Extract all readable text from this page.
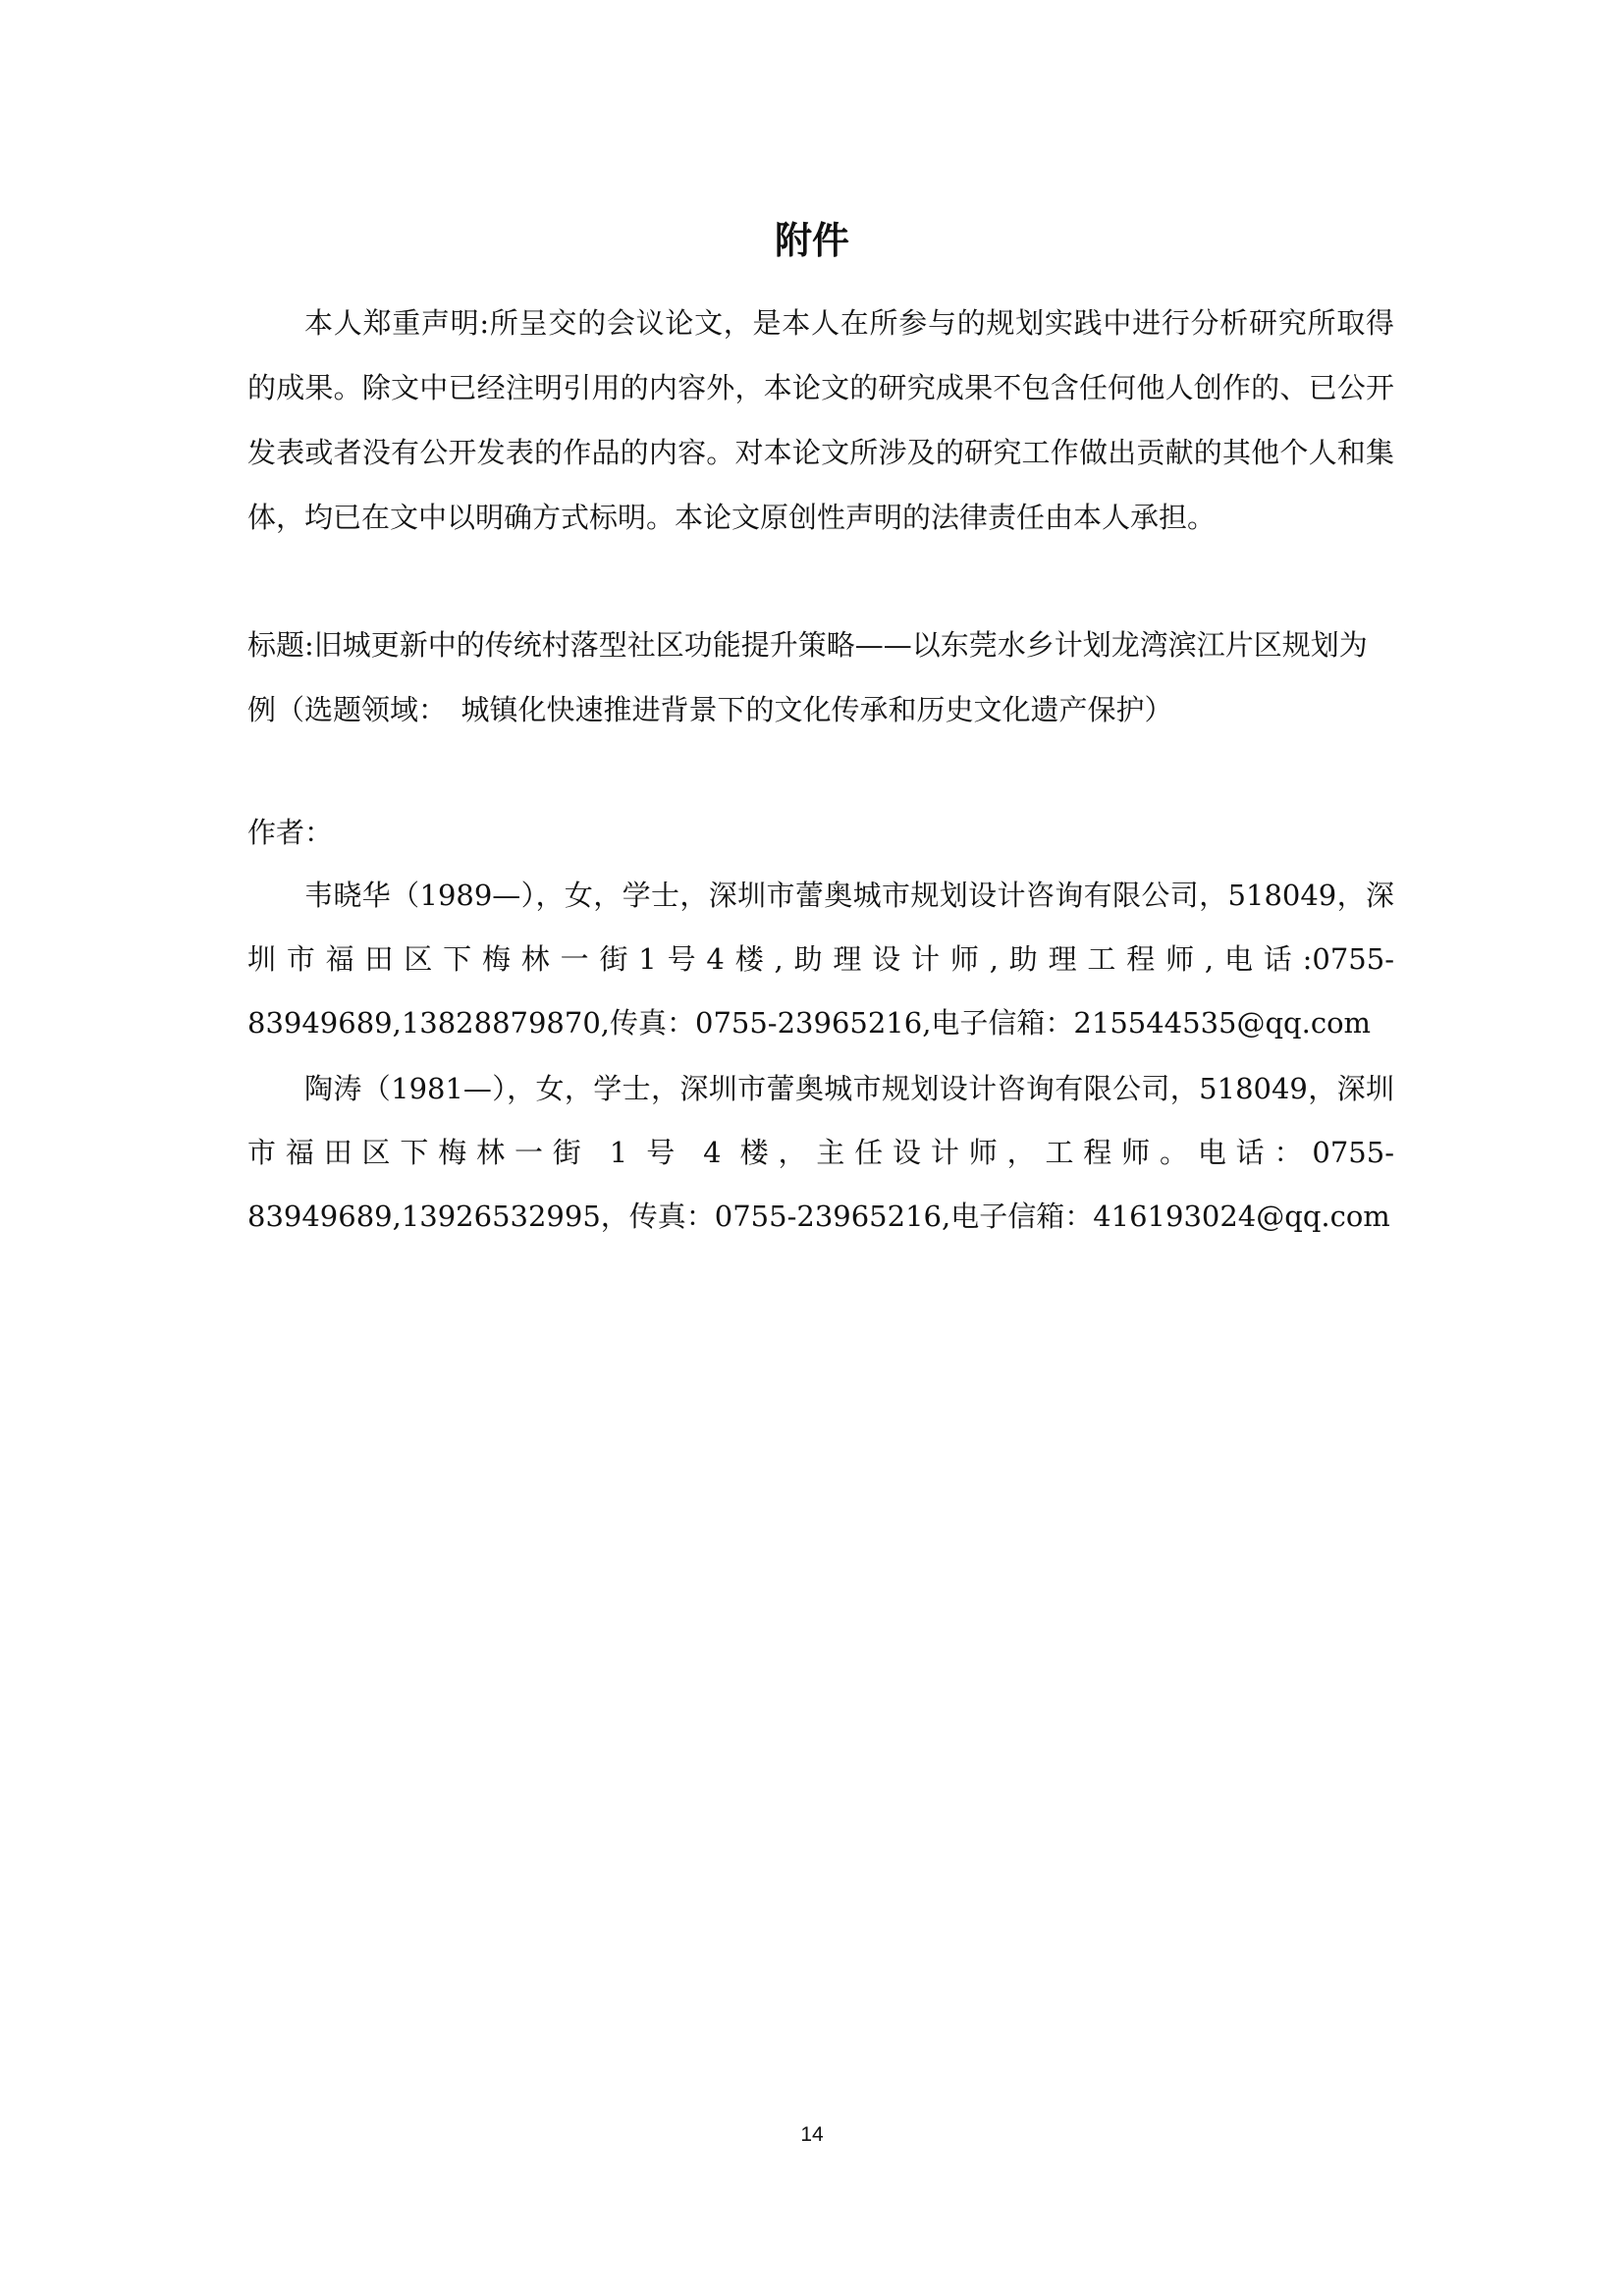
附件

本人郑重声明:所呈交的会议论文，是本人在所参与的规划实践中进行分析研究所取得的成果。除文中已经注明引用的内容外，本论文的研究成果不包含任何他人创作的、已公开发表或者没有公开发表的作品的内容。对本论文所涉及的研究工作做出贡献的其他个人和集体，均已在文中以明确方式标明。本论文原创性声明的法律责任由本人承担。

标题:旧城更新中的传统村落型社区功能提升策略——以东莞水乡计划龙湾滨江片区规划为例（选题领域：　城镇化快速推进背景下的文化传承和历史文化遗产保护）

作者：

韦晓华（1989—），女，学士，深圳市蕾奥城市规划设计咨询有限公司，518049，深圳市福田区下梅林一街1号4楼,助理设计师,助理工程师,电话:0755-83949689,13828879870,传真：0755-23965216,电子信箱：215544535@qq.com

陶涛（1981—），女，学士，深圳市蕾奥城市规划设计咨询有限公司，518049，深圳市福田区下梅林一街 1 号 4 楼，主任设计师，工程师。电话：0755-83949689,13926532995，传真：0755-23965216,电子信箱：416193024@qq.com

14
